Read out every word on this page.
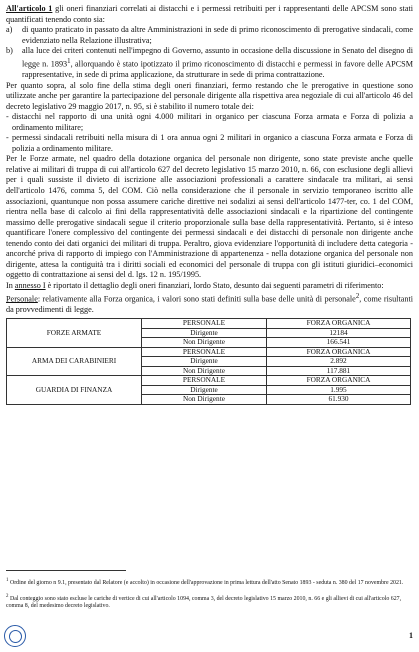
All'articolo 1 gli oneri finanziari correlati ai distacchi e i permessi retribuiti per i rappresentanti delle APCSM sono stati quantificati tenendo conto sia:

a) di quanto praticato in passato da altre Amministrazioni in sede di primo riconoscimento di prerogative sindacali, come evidenziato nella Relazione illustrativa;
b) alla luce dei criteri contenuti nell'impegno di Governo, assunto in occasione della discussione in Senato del disegno di legge n. 1893$^1$, allorquando è stato ipotizzato il primo riconoscimento di distacchi e permessi in favore delle APCSM rappresentative, in sede di prima applicazione, da strutturare in sede di prima contrattazione.

Per quanto sopra, al solo fine della stima degli oneri finanziari, fermo restando che le prerogative in questione sono utilizzate anche per garantire la partecipazione del personale dirigente alla rispettiva area negoziale di cui all'articolo 46 del decreto legislativo 29 maggio 2017, n. 95, si è stabilito il numero totale dei:

- distacchi nel rapporto di una unità ogni 4.000 militari in organico per ciascuna Forza armata e Forza di polizia a ordinamento militare;
- permessi sindacali retribuiti nella misura di 1 ora annua ogni 2 militari in organico a ciascuna Forza armata e Forza di polizia a ordinamento militare.

Per le Forze armate, nel quadro della dotazione organica del personale non dirigente, sono state previste anche quelle relative ai militari di truppa di cui all'articolo 627 del decreto legislativo 15 marzo 2010, n. 66, con esclusione degli allievi per i quali sussiste il divieto di iscrizione alle associazioni professionali a carattere sindacale tra militari, ai sensi dell'articolo 1476, comma 5, del COM. Ciò nella considerazione che il personale in servizio temporaneo iscritto alle associazioni, quantunque non possa assumere cariche direttive nei sodalizi ai sensi dell'articolo 1477-ter, co. 1 del COM, rientra nella base di calcolo ai fini della rappresentatività delle associazioni sindacali e la ripartizione del contingente massimo delle prerogative sindacali segue il criterio proporzionale sulla base della rappresentatività. Pertanto, si è inteso quantificare l'onere complessivo del contingente dei permessi sindacali e dei distacchi di personale non dirigente anche tenendo conto dei dati organici dei militari di truppa. Peraltro, giova evidenziare l'opportunità di includere detta categoria - ancorché priva di rapporto di impiego con l'Amministrazione di appartenenza - nella dotazione organica del personale non dirigente, attesa la contiguità tra i diritti sociali ed economici del personale di truppa con gli istituti giuridici–economici oggetto di contrattazione ai sensi del d. lgs. 12 n. 195/1995.

In annesso I è riportato il dettaglio degli oneri finanziari, lordo Stato, desunto dai seguenti parametri di riferimento:

Personale: relativamente alla Forza organica, i valori sono stati definiti sulla base delle unità di personale$^2$, come risultanti da provvedimenti di legge.

FORZE ARMATE	PERSONALE	FORZA ORGANICA
	Dirigente	12184
	Non Dirigente	166.541
ARMA DEI CARABINIERI	PERSONALE	FORZA ORGANICA
	Dirigente	2.892
	Non Dirigente	117.881
GUARDIA DI FINANZA	PERSONALE	FORZA ORGANICA
	Dirigente	1.995
	Non Dirigente	61.930

$^1$ Ordine del giorno n 9.1, presentato dal Relatore (e accolto) in occasione dell'approvazione in prima lettura dell'atto Senato 1893 - seduta n. 380 del 17 novembre 2021.

$^2$ Dal conteggio sono stato escluse le cariche di vertice di cui all'articolo 1094, comma 3, del decreto legislativo 15 marzo 2010, n. 66 e gli allievi di cui all'articolo 627, comma 8, del medesimo decreto legislativo.

1
